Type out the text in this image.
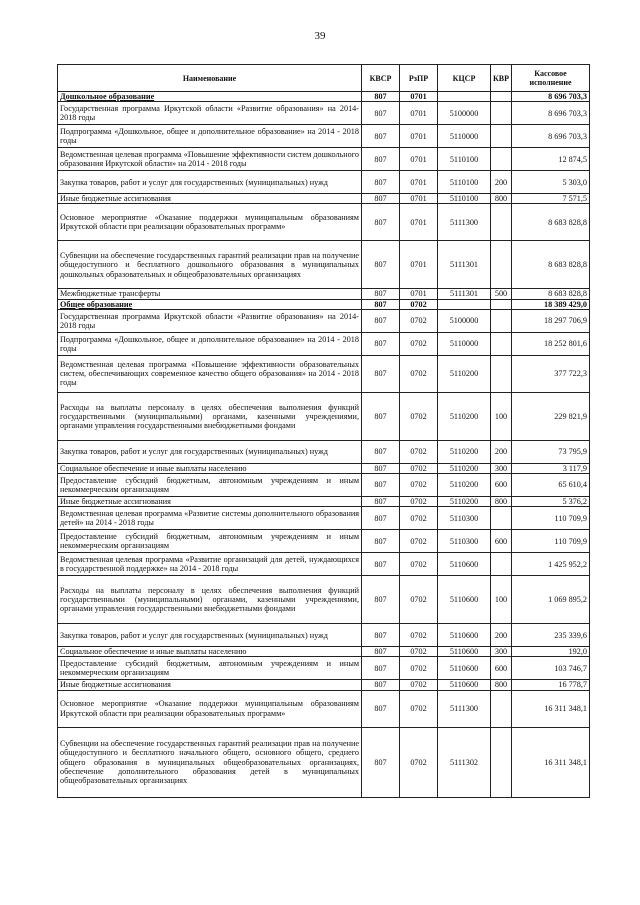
39
Наименование	КВСР	РзПР	КЦСР	КВР	Кассовое исполнение
Дошкольное образование	807	0701			8 696 703,3
Государственная программа Иркутской области «Развитие образования» на 2014-2018 годы	807	0701	5100000		8 696 703,3
Подпрограмма «Дошкольное, общее и дополнительное образование» на 2014 - 2018 годы	807	0701	5110000		8 696 703,3
Ведомственная целевая программа «Повышение эффективности систем дошкольного образования Иркутской области» на 2014 - 2018 годы	807	0701	5110100		12 874,5
Закупка товаров, работ и услуг для государственных (муниципальных) нужд	807	0701	5110100	200	5 303,0
Иные бюджетные ассигнования	807	0701	5110100	800	7 571,5
Основное мероприятие «Оказание поддержки муниципальным образованиям Иркутской области при реализации образовательных программ»	807	0701	5111300		8 683 828,8
Субвенции на обеспечение государственных гарантий реализации прав на получение общедоступного и бесплатного дошкольного образования в муниципальных дошкольных образовательных и общеобразовательных организациях	807	0701	5111301		8 683 828,8
Межбюджетные трансферты	807	0701	5111301	500	8 683 828,8
Общее образование	807	0702			18 389 429,0
Государственная программа Иркутской области «Развитие образования» на 2014-2018 годы	807	0702	5100000		18 297 706,9
Подпрограмма «Дошкольное, общее и дополнительное образование» на 2014 - 2018 годы	807	0702	5110000		18 252 801,6
Ведомственная целевая программа «Повышение эффективности образовательных систем, обеспечивающих современное качество общего образования» на 2014 - 2018 годы	807	0702	5110200		377 722,3
Расходы на выплаты персоналу в целях обеспечения выполнения функций государственными (муниципальными) органами, казенными учреждениями, органами управления государственными внебюджетными фондами	807	0702	5110200	100	229 821,9
Закупка товаров, работ и услуг для государственных (муниципальных) нужд	807	0702	5110200	200	73 795,9
Социальное обеспечение и иные выплаты населению	807	0702	5110200	300	3 117,9
Предоставление субсидий бюджетным, автономным учреждениям и иным некоммерческим организациям	807	0702	5110200	600	65 610,4
Иные бюджетные ассигнования	807	0702	5110200	800	5 376,2
Ведомственная целевая программа «Развитие системы дополнительного образования детей» на 2014 - 2018 годы	807	0702	5110300		110 709,9
Предоставление субсидий бюджетным, автономным учреждениям и иным некоммерческим организациям	807	0702	5110300	600	110 709,9
Ведомственная целевая программа «Развитие организаций для детей, нуждающихся в государственной поддержке» на 2014 - 2018 годы	807	0702	5110600		1 425 952,2
Расходы на выплаты персоналу в целях обеспечения выполнения функций государственными (муниципальными) органами, казенными учреждениями, органами управления государственными внебюджетными фондами	807	0702	5110600	100	1 069 895,2
Закупка товаров, работ и услуг для государственных (муниципальных) нужд	807	0702	5110600	200	235 339,6
Социальное обеспечение и иные выплаты населению	807	0702	5110600	300	192,0
Предоставление субсидий бюджетным, автономным учреждениям и иным некоммерческим организациям	807	0702	5110600	600	103 746,7
Иные бюджетные ассигнования	807	0702	5110600	800	16 778,7
Основное мероприятие «Оказание поддержки муниципальным образованиям Иркутской области при реализации образовательных программ»	807	0702	5111300		16 311 348,1
Субвенции на обеспечение государственных гарантий реализации прав на получение общедоступного и бесплатного начального общего, основного общего, среднего общего образования в муниципальных общеобразовательных организациях, обеспечение дополнительного образования детей в муниципальных общеобразовательных организациях	807	0702	5111302		16 311 348,1
